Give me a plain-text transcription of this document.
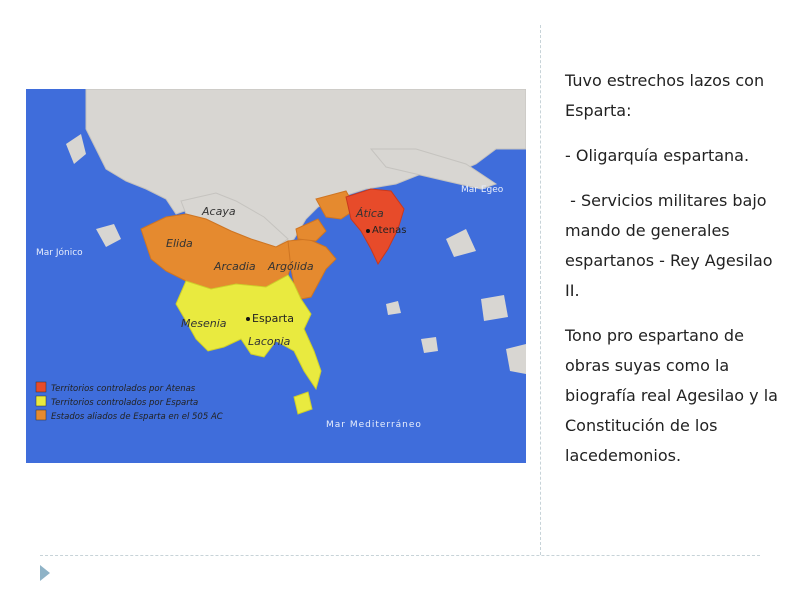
Mar Egeo
Mar Jónico
Mar Mediterráneo
Acaya
Elida
Arcadia Argólida
Ática
Mesenia
Laconia
Atenas
Esparta
Territorios controlados por Atenas
Territorios controlados por Esparta
Estados aliados de Esparta en el 505 AC

Tuvo estrechos lazos con Esparta:

- Oligarquía espartana.

- Servicios militares bajo mando de generales espartanos - Rey Agesilao II.

Tono pro espartano de obras suyas como la biografía real Agesilao y la Constitución de los lacedemonios.
